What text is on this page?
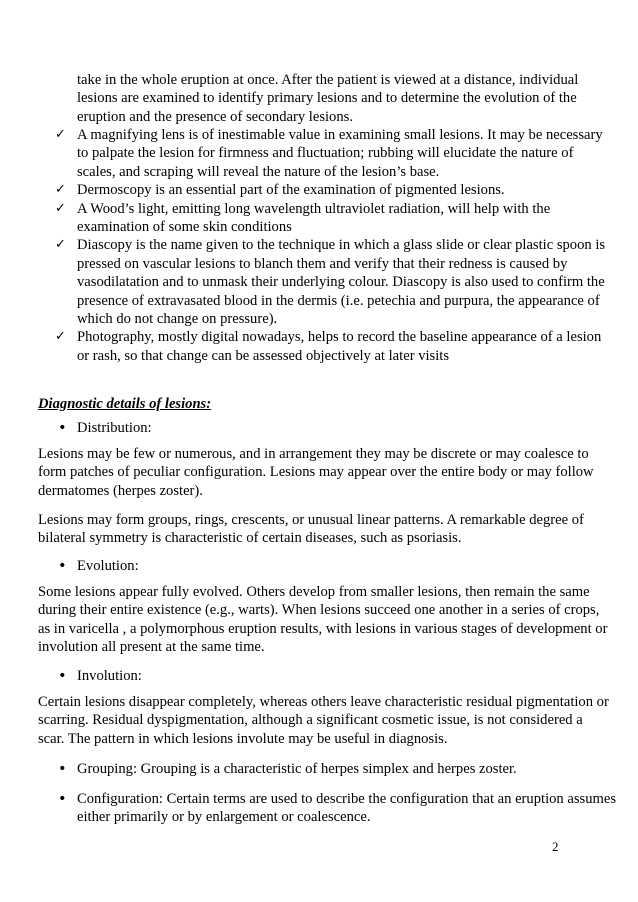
take in the whole eruption at once. After the patient is viewed at a distance, individual lesions are examined to identify primary lesions and to determine the evolution of the eruption and the presence of secondary lesions.
✓ A magnifying lens is of inestimable value in examining small lesions. It may be necessary to palpate the lesion for firmness and fluctuation; rubbing will elucidate the nature of scales, and scraping will reveal the nature of the lesion’s base.
✓ Dermoscopy is an essential part of the examination of pigmented lesions.
✓ A Wood’s light, emitting long wavelength ultraviolet radiation, will help with the examination of some skin conditions
✓ Diascopy is the name given to the technique in which a glass slide or clear plastic spoon is pressed on vascular lesions to blanch them and verify that their redness is caused by vasodilatation and to unmask their underlying colour. Diascopy is also used to confirm the presence of extravasated blood in the dermis (i.e. petechia and purpura, the appearance of which do not change on pressure).
✓ Photography, mostly digital nowadays, helps to record the baseline appearance of a lesion or rash, so that change can be assessed objectively at later visits
Diagnostic details of lesions:
• Distribution:
Lesions may be few or numerous, and in arrangement they may be discrete or may coalesce to form patches of peculiar configuration. Lesions may appear over the entire body or may follow dermatomes (herpes zoster).
Lesions may form groups, rings, crescents, or unusual linear patterns. A remarkable degree of bilateral symmetry is characteristic of certain diseases, such as psoriasis.
• Evolution:
Some lesions appear fully evolved. Others develop from smaller lesions, then remain the same during their entire existence (e.g., warts). When lesions succeed one another in a series of crops, as in varicella , a polymorphous eruption results, with lesions in various stages of development or involution all present at the same time.
• Involution:
Certain lesions disappear completely, whereas others leave characteristic residual pigmentation or scarring. Residual dyspigmentation, although a significant cosmetic issue, is not considered a scar. The pattern in which lesions involute may be useful in diagnosis.
• Grouping: Grouping is a characteristic of herpes simplex and herpes zoster.
• Configuration: Certain terms are used to describe the configuration that an eruption assumes either primarily or by enlargement or coalescence.
2
